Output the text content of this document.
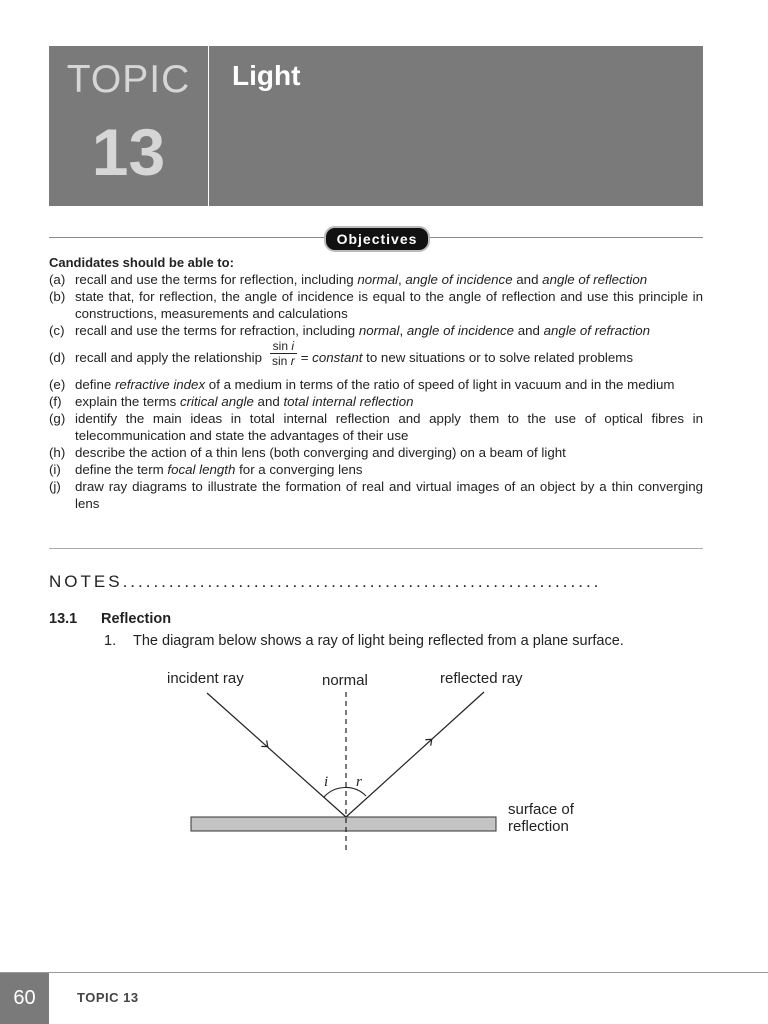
TOPIC
13
Light
Objectives
Candidates should be able to:
(a) recall and use the terms for reflection, including normal, angle of incidence and angle of reflection
(b) state that, for reflection, the angle of incidence is equal to the angle of reflection and use this principle in constructions, measurements and calculations
(c) recall and use the terms for refraction, including normal, angle of incidence and angle of refraction
(d) recall and apply the relationship $\frac{\text{sin i}}{\text{sin r}}$ = constant to new situations or to solve related problems
(e) define refractive index of a medium in terms of the ratio of speed of light in vacuum and in the medium
(f) explain the terms critical angle and total internal reflection
(g) identify the main ideas in total internal reflection and apply them to the use of optical fibres in telecommunication and state the advantages of their use
(h) describe the action of a thin lens (both converging and diverging) on a beam of light
(i) define the term focal length for a converging lens
(j) draw ray diagrams to illustrate the formation of real and virtual images of an object by a thin converging lens
NOTES..............................................................
13.1 Reflection
1. The diagram below shows a ray of light being reflected from a plane surface.
incident ray	normal	reflected ray
i r
surface of
reflection
60	TOPIC 13
